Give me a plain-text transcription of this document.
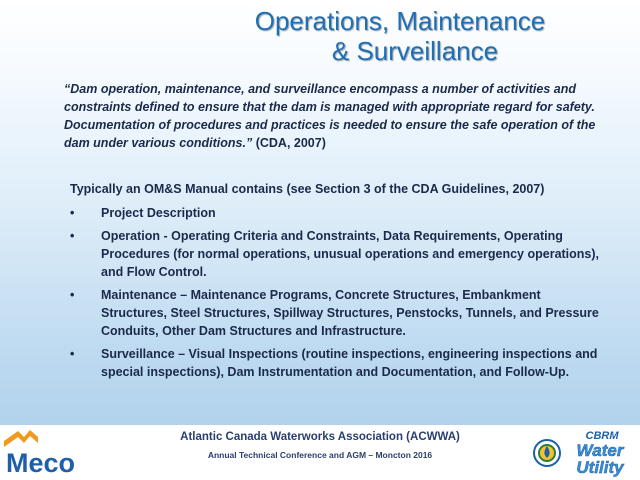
Operations, Maintenance
& Surveillance
“Dam operation, maintenance, and surveillance encompass a number of activities and constraints defined to ensure that the dam is managed with appropriate regard for safety. Documentation of procedures and practices is needed to ensure the safe operation of the dam under various conditions.” (CDA, 2007)
Typically an OM&S Manual contains (see Section 3 of the CDA Guidelines, 2007)
• Project Description
• Operation - Operating Criteria and Constraints, Data Requirements, Operating Procedures (for normal operations, unusual operations and emergency operations), and Flow Control.
• Maintenance – Maintenance Programs, Concrete Structures, Embankment Structures, Steel Structures, Spillway Structures, Penstocks, Tunnels, and Pressure Conduits, Other Dam Structures and Infrastructure.
• Surveillance – Visual Inspections (routine inspections, engineering inspections and special inspections), Dam Instrumentation and Documentation, and Follow-Up.
Meco
Atlantic Canada Waterworks Association (ACWWA)
Annual Technical Conference and AGM – Moncton 2016
CBRM
Water
Utility
